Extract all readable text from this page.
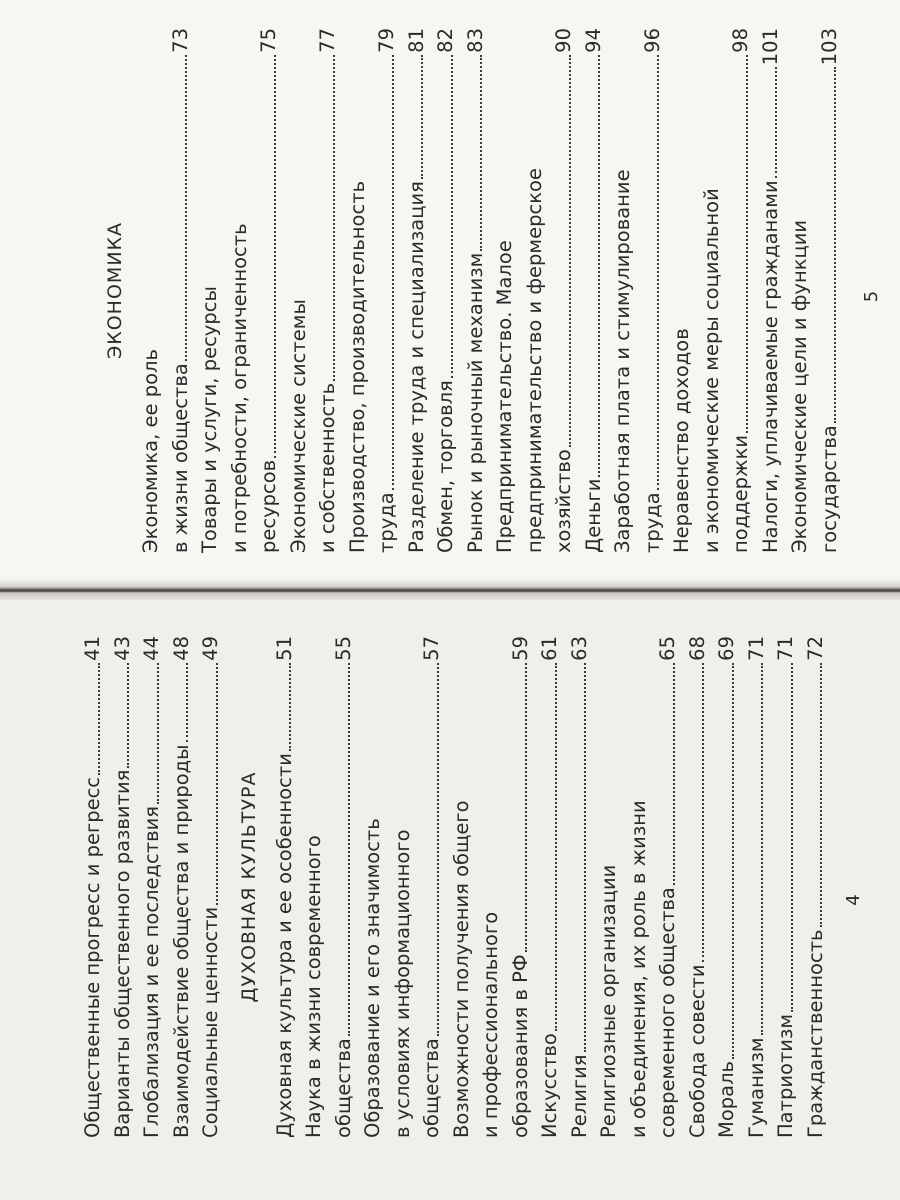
ЭКОНОМИКА
Экономика, ее роль в жизни общества
73
Товары и услуги, ресурсы и потребности, ограниченность ресурсов
75
Экономические системы и собственность
77
Производство, производительность труда
79
Разделение труда и специализация
81
Обмен, торговля
82
Рынок и рыночный механизм
83
Предпринимательство. Малое предпринимательство и фермерское хозяйство
90
Деньги
94
Заработная плата и стимулирование труда
96
Неравенство доходов и экономические меры социальной поддержки
98
Налоги, уплачиваемые гражданами
101
Экономические цели и функции государства
103
5
Общественные прогресс и регресс
41
Варианты общественного развития
43
Глобализация и ее последствия
44
Взаимодействие общества и природы
48
Социальные ценности
49
ДУХОВНАЯ КУЛЬТУРА Духовная культура и ее особенности
51
Наука в жизни современного общества
55
Образование и его значимость в условиях информационного общества
57
Возможности получения общего и профессионального образования в РФ
59
Искусство
61
Религия
63
Религиозные организации и объединения, их роль в жизни современного общества
65
Свобода совести
68
Мораль
69
Гуманизм
71
Патриотизм
71
Гражданственность
72
4
